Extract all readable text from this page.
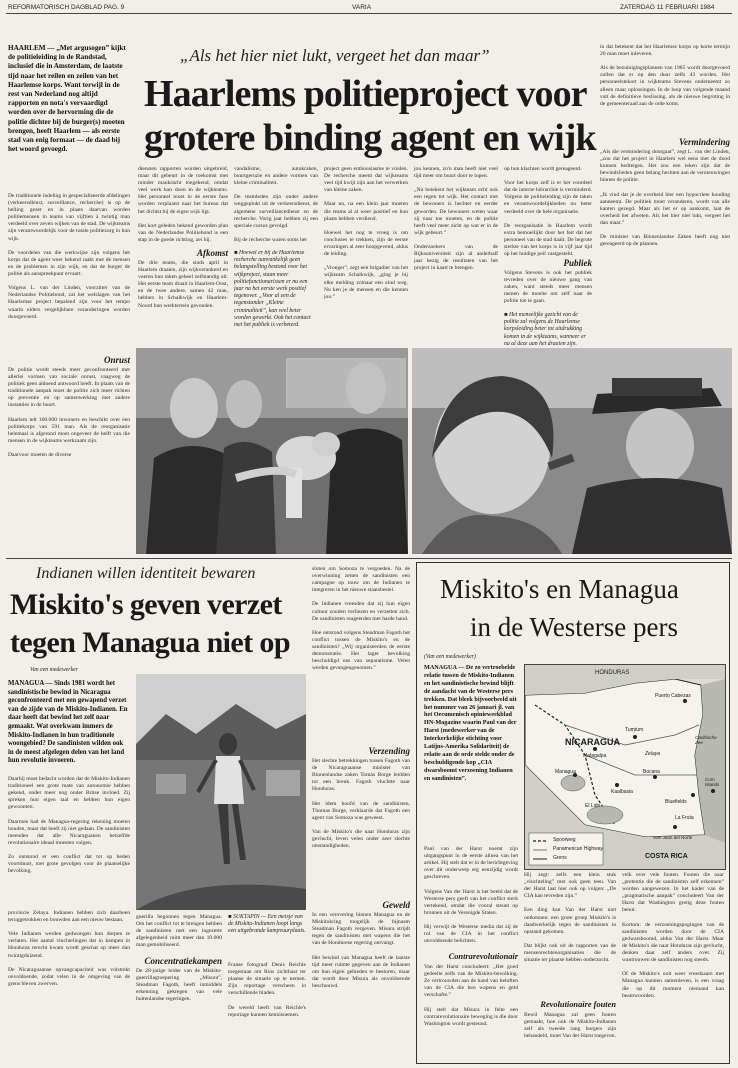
REFORMATORISCH DAGBLAD PAG. 9	VARIA	ZATERDAG 11 FEBRUARI 1984
HAARLEM — „Met argusogen” kijkt de politieleiding in de Randstad, inclusief die in Amsterdam, de laatste tijd naar het reilen en zeilen van het Haarlemse korps. Want terwijl in de rest van Nederland nog altijd rapporten en nota's vervaardigd worden over de hervorming die de politie dichter bij de burger(s) moeten brengen, heeft Haarlem — als eerste stad van enig formaat — de daad bij het woord gevoegd.
De traditionele indeling in gespecialiseerde afdelingen (verkeersdienst, surveillance, recherche) is op de helling gezet en in plaats daarvan worden politiemensen in teams van vijftien à twintig man verdeeld over zeven wijken van de stad. De wijkteams zijn verantwoordelijk voor de totale politiezorg in hun wijk.

De voordelen van die werkwijze zijn volgens het korps dat de agent weer bekend raakt met de mensen en de problemen in zijn wijk, en dat de burger de politie als aanspreekpunt ervaart.

Volgens L. van der Linden, voorzitter van de Nederlandse Politiebond, zal het welslagen van het Haarlemse project bepalend zijn voor het tempo waarin elders vergelijkbare veranderingen worden doorgevoerd.
Onrust
De politie wordt steeds meer geconfronteerd met allerlei vormen van sociale onrust, vaagweg de politiek geen aldoend antwoord heeft. In plaats van de traditionele aanpak moet de politie zich meer richten op preventie en op samenwerking met andere instanties in de buurt.

Haarlem telt 160.000 inwoners en beschikt over een politiekorps van 591 man. Als de reorganisatie helemaal is afgerond moet ongeveer de helft van die mensen in de wijkteams werkzaam zijn.

Daarvoor moeten de diverse
„Als het hier niet lukt, vergeet het dan maar”
Haarlems politieproject voor
grotere binding agent en wijk
diensten rapporten worden uitgebreid, maar dit gebeurt in de toekomst met minder mankracht toegekend, omdat veel werk kan doen in de wijkteams. Het personeel moet in de eerste fase worden verplaatst naar het bureau dat het dichtst bij de eigen wijk ligt.

Het kort geleden bekend geworden plan van de Nederlandse Politiebond is een stap in de goede richting, zei hij.
Afkomst
De drie teams, die sinds april in Haarlem draaien, zijn wijkverankerd en voeren hun taken geheel zelfstandig uit. Het eerste team draait in Haarlem-Oost, en de twee andere, samen 42 man, hebben in Schalkwijk en Haarlem-Noord hun werkterrein gevonden.
vandalisme, autokraken, buurtgeruzie en andere vormen van kleine criminaliteit.

De teamleden zijn onder andere weggeplukt uit de verkeersdienst, de algemene surveillancedienst en de recherche. Vorig jaar hebben zij een speciale cursus gevolgd.

Bij de recherche waren soms het
■ Hoewel er bij de Haarlemse recherche aanvankelijk geen belangstelling bestond voor het wijkproject, staan meer politiefunctionarissen er nu een jaar na het eerste werk positief tegenover. „Voor al een de tegenstander „Kleine criminaliteit”, kan veel beter worden gewerkt. Ook het contact met het publiek is verbeterd.
project geen enthousiasme te vinden. De recherche meent dat wijkteams veel tijd kwijt zijn aan het verwerken van kleine zaken.

Maar nu, na een klein jaar moeten die teams al al weer positief en hun plaats hebben verdiend.

Hoewel het nog te vroeg is om conclusies te trekken, zijn de eerste ervaringen al zeer hoopgevend, aldus de leiding.

„Vroeger”, zegt een brigadier van het wijkteam Schalkwijk, „ging je bij elke melding zomaar een eind weg. Nu ken je de mensen en die kennen jou.”
jou kennen, zo'n man heeft niet veel tijd meer om buurt door te lopen.

„Nu betekent het wijkteam echt ook een tegen tot wijk. Het contact met de bewoners is hechter en eerder geworden. De bewoners weten waar zij naar toe moeten, en de politie heeft veel meer zicht op wat er in de wijk gebeurt.”

Onderzoekers van de Rijksuniversiteit zijn al anderhalf jaar bezig de resultaten van het project in kaart te brengen.
op hun klachten wordt gereageerd.

Voor het korps zelf is er het voordeel dat de interne hiërarchie is verminderd. Volgens de politieleiding zijn de taken en verantwoordelijkheden nu beter verdeeld over de hele organisatie.

De reorganisatie in Haarlem wordt extra bemoeilijkt door het feit dat het personeel van de stad daalt. De begrote sterkte van het korps is in vijf jaar tijd op het huidige peil vastgesteld.
Publiek
Volgens Stevens is ook het publiek tevreden over de nieuwe gang van zaken, want steeds meer mensen nemen de moeite om zelf naar de politie toe te gaan.

■ Het menselijke gezicht van de politie zal volgens de Haarlemse korpsleiding beter tot uitdrukking komen in de wijkteams, wanneer er na al deze aan het draaien zijn.
in dat betekent dat het Haarlemse korps op korte termijn 20 man moet inleveren.

Als de bezuinigingsplannen van 1985 wordt doorgevoerd zullen dat er op den duur zelfs 43 worden. Het personeelstekort in wijkteams Stevens onderneemt zo alleen maar oplossingen. In de loop van volgende maand valt de definitieve beslissing, als de nieuwe begroting in de gemeenteraad aan de orde komt.
Vermindering
„Als die vermindering doorgaat”, zegt L. van der Linden, „zou dat het project in Haarlem wel eens met de dood kunnen bedreigen. Het zou een teken zijn dat de bewindslieden geen belang hechten aan de vernieuwingen binnen de politie.

„Ik vind dat je de overheid hier een hypocriete houding aanneemt. De politiek moet veranderen, wordt van alle kanten gezegd. Maar als het er op aankomt, laat de overheid het afweten. Als het hier niet lukt, vergeet het dan maar.”

De minister van Binnenlandse Zaken heeft nog niet gereageerd op de plannen.
Indianen willen identiteit bewaren
Miskito's geven verzet
tegen Managua niet op
Van een medewerker
MANAGUA — Sinds 1981 wordt het sandinistische bewind in Nicaragua geconfronteerd met een gewapend verzet van de zijde van de Miskito-Indianen. En daar heeft dat bewind het zelf naar gemaakt. Wat overkwam immers de Miskito-Indianen in hun traditionele woongebied? De sandinisten wilden ook in de meest afgelegen delen van het land hun revolutie invoeren.
Daarbij moet bedacht worden dat de Miskito-Indianen traditioneel een grote mate van autonomie hebben gekend, onder meer nog onder Britse invloed. Zij spreken hun eigen taal en hebben hun eigen gewoonten.

Daarmee had de Managua-regering rekening moeten houden, maar dat heeft zij niet gedaan. De sandinisten meenden dat alle Nicaraguanen hetzelfde revolutionaire ideaal moesten volgen.

Zo ontstond er een conflict dat tot op heden voortduurt, met grote gevolgen voor de plaatselijke bevolking.
provincie Zelaya. Indianen hebben zich daarheen teruggetrokken en bouwden aan een nieuw bestaan.

Vele Indianen werden gedwongen hun dorpen te verlaten. Het aantal vluchtelingen dat in kampen in Honduras terecht kwam wordt geschat op meer dan twintigduizend.

De Nicaraguaanse opvangcapaciteit was volstrekt onvoldoende, zodat velen in de omgeving van de grens bleven zwerven.
guerilla begonnen tegen Managua. Om het conflict tot te brengen hebben de sandinisten met een ingezette afgelegenheid ruim meer dan 10.000 man gemobiliseerd.
Concentratiekampen
De 28-jarige leider van de Miskito-guerrillagroepering „Misura”, Steadman Fagoth, heeft inmiddels erkenning gekregen van vele buitenlandse regeringen.
■ SUKTAPIN — Een meisje van de Miskito-Indianen loopt langs een uitgebrande kampvuurplaats.
Franse fotograaf Denis Reichle toegestaan om Rios zichtbaar ter plaatse de situatie op te nemen. Zijn reportage verscheen in verschillende bladen.

De wereld heeft van Reichle's reportage kunnen kennisnemen.
sloten om Somoza te vergoeden. Na de overwinning zetten de sandinisten een campagne op touw om de Indianen te integreren in het nieuwe staatsbestel.

De Indianen vreesden dat zij hun eigen cultuur zouden verliezen en verzetten zich. De sandinisten reageerden met harde hand.

Hoe ontstond volgens Steadman Fagoth het conflict tussen de Miskito's en de sandinisten? „Wij organiseerden de eerste demonstratie. Het lager bevolking beschuldigd ons van separatisme. Velen werden gevangengenomen.”
Verzending
Het slechte betrekkingen tussen Fagoth van de Nicaraguaanse minister van Binnenlandse zaken Tomás Borge leidden tot een breuk. Fagoth vluchtte naar Honduras.

Het idem hoofd van de sandinisten, Thomas Borge, verklaarde dat Fagoth een agent van Somoza was geweest.

Van de Miskito's die naar Honduras zijn gevlucht, leven velen onder zeer slechte omstandigheden.
Geweld
In een verovering binnen Managua en de Miskitokring mogelijk de bijnaam Steadman Fagoth vergeven. Misura strijdt tegen de sandinisten met wapens die het van de Hondurese regering ontvangt.

Het bewind van Managua heeft de laatste tijd meer ruimte gegeven aan de Indianen om hun eigen gebieden te besturen, maar dat wordt door Misura als onvoldoende beschouwd.
Miskito's en Managua
in de Westerse pers
(Van een medewerker)
MANAGUA — De zo vertroebelde relatie tussen de Miskito-Indianen en het sandinistische bewind blijft de aandacht van de Westerse pers trekken. Dat bleek bijvoorbeeld uit het nummer van 26 januari jl. van het Oecumenisch opinieweekblad HN-Magazine waarin Paul van der Harst (medewerker van de Interkerkelijke stichting voor Latijns-Amerika Solidariteit) de relatie aan de orde stelde onder de beschuldigende kop „CIA dwarsboomt verzoening Indianen en sandinisten”.
Paul van der Harst noemt zijn uitgangspunt in de eerste alinea van het artikel. Hij stelt dat er in de berichtgeving over dit onderwerp erg eenzijdig wordt geschreven.

Volgens Van der Harst is het beeld dat de Westerse pers geeft van het conflict sterk vertekend, omdat die vooral steunt op bronnen uit de Verenigde Staten.

Hij verwijt de Westerse media dat zij de rol van de CIA in het conflict onvoldoende belichten.
Contrarevolutionair
Van der Harst concludeert: „Het goed gedeelte zelfs van de Miskito-bevolking. Ze vertrouwden aan de hand van beloften van de CIA die hen wapens en geld verschafte.”

Hij stelt dat Misura in feite een contrarevolutionaire beweging is die door Washington wordt gesteund.
Hij zegt: zelfs een klein stuk „vluchteling” met ook geen teen. Van der Harst laat hier ook op volgen: „De CIA kan tevreden zijn.”

Een ding kan Van der Harst niet ontkennen: een grote groep Miskito's is daadwerkelijk tegen de sandinisten in opstand gekomen.

Dat blijkt ook uit de rapporten van de mensenrechtenorganisaties die de situatie ter plaatse hebben onderzocht.
Revolutionaire fouten
Bewil Managua zal geen fouten gemaakt, hoe ook de Miskito-Indianen zelf als tweede rang burgers zijn behandeld, moet Van der Harst toegeven.
velk over vele fouten. Fouten die naar „pretentie die de sandinisten zelf erkennen” worden aangewezen. In het kader van de „pragmatische aanpak” concludeert Van der Harst dat Washington gretig deze fouten benut.

Kortom: de verzoeningspogingen van de sandinisten worden door de CIA gedwarsboomd, aldus Van der Harst. Maar de Miskito's die naar Honduras zijn gevlucht, denken daar zelf anders over. Zij wantrouwen de sandinisten nog steeds.

Of de Miskito's ooit weer vreedzaam met Managua kunnen samenleven, is een vraag die op dit moment niemand kan beantwoorden.
HONDURAS
Puerto Cabezas
Tumtum
NICARAGUA
Matagalpa
Bocana
Bluefields
Kaalbasia
La Fruta
Corn Islands
Zelaya
El Lido
San Juan del Norte
COSTA RICA
Managua
Caribische Zee
Spoorweg
Panamerican Highway
Grens
